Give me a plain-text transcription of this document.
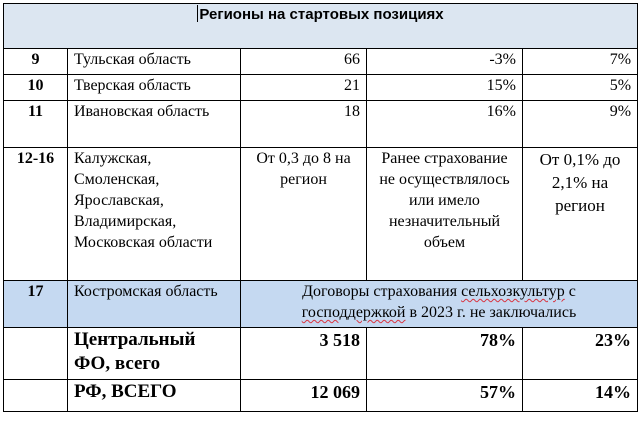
Регионы на стартовых позициях				
9	Тульская область	66	-3%	7%
10	Тверская область	21	15%	5%
11	Ивановская область	18	16%	9%
12-16	Калужская, Смоленская, Ярославская, Владимирская, Московская области	От 0,3 до 8 на регион	Ранее страхование не осуществлялось или имело незначительный объем	От 0,1% до 2,1% на регион
17	Костромская область	Договоры страхования сельхозкультур с
господдержкой в 2023 г. не заключались		
	Центральный ФО, всего	3 518	78%	23%
	РФ, ВСЕГО	12 069	57%	14%
